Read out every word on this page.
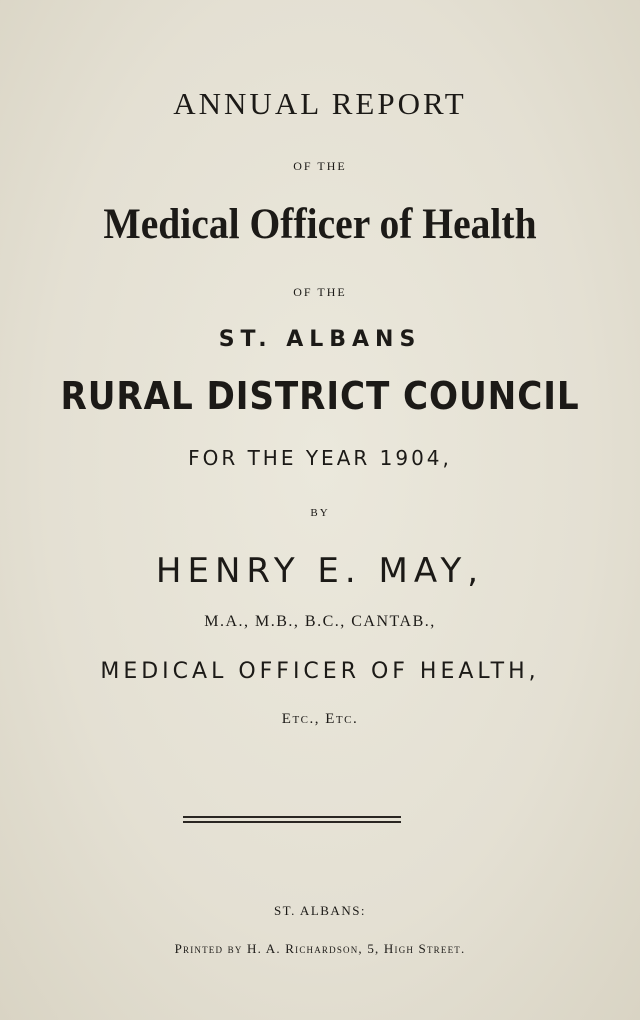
ANNUAL REPORT

OF THE

Medical Officer of Health

OF THE

ST. ALBANS

RURAL DISTRICT COUNCIL

FOR THE YEAR 1904,

BY

HENRY E. MAY,

M.A., M.B., B.C., CANTAB.,

MEDICAL OFFICER OF HEALTH,

Etc., Etc.

ST. ALBANS:

Printed by H. A. Richardson, 5, High Street.
